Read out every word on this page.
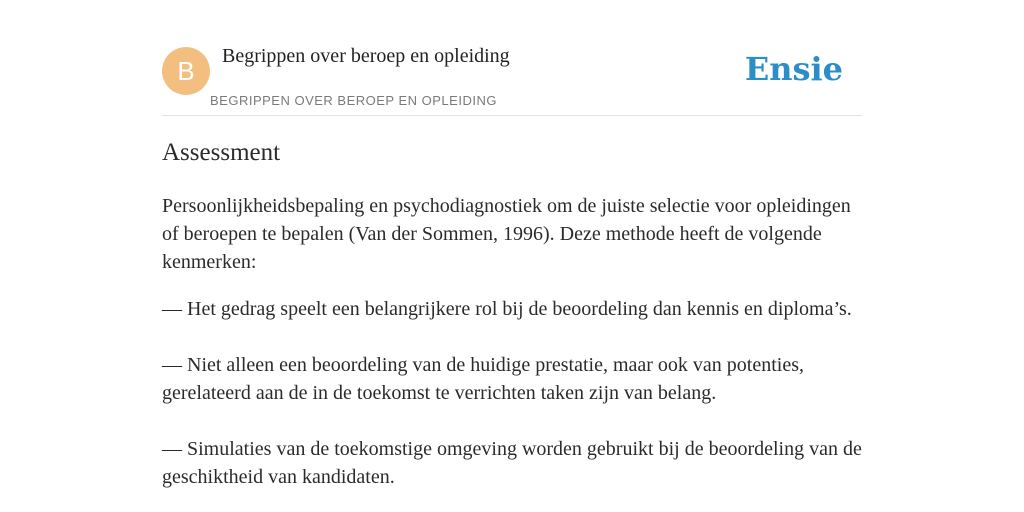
B	Begrippen over beroep en opleiding
BEGRIPPEN OVER BEROEP EN OPLEIDING
Ensie
Assessment

Persoonlijkheidsbepaling en psychodiagnostiek om de juiste selectie voor opleidingen of beroepen te bepalen (Van der Sommen, 1996). Deze methode heeft de volgende kenmerken:

— Het gedrag speelt een belangrijkere rol bij de beoordeling dan kennis en diploma’s.
— Niet alleen een beoordeling van de huidige prestatie, maar ook van potenties, gerelateerd aan de in de toekomst te verrichten taken zijn van belang.
— Simulaties van de toekomstige omgeving worden gebruikt bij de beoordeling van de geschiktheid van kandidaten.
